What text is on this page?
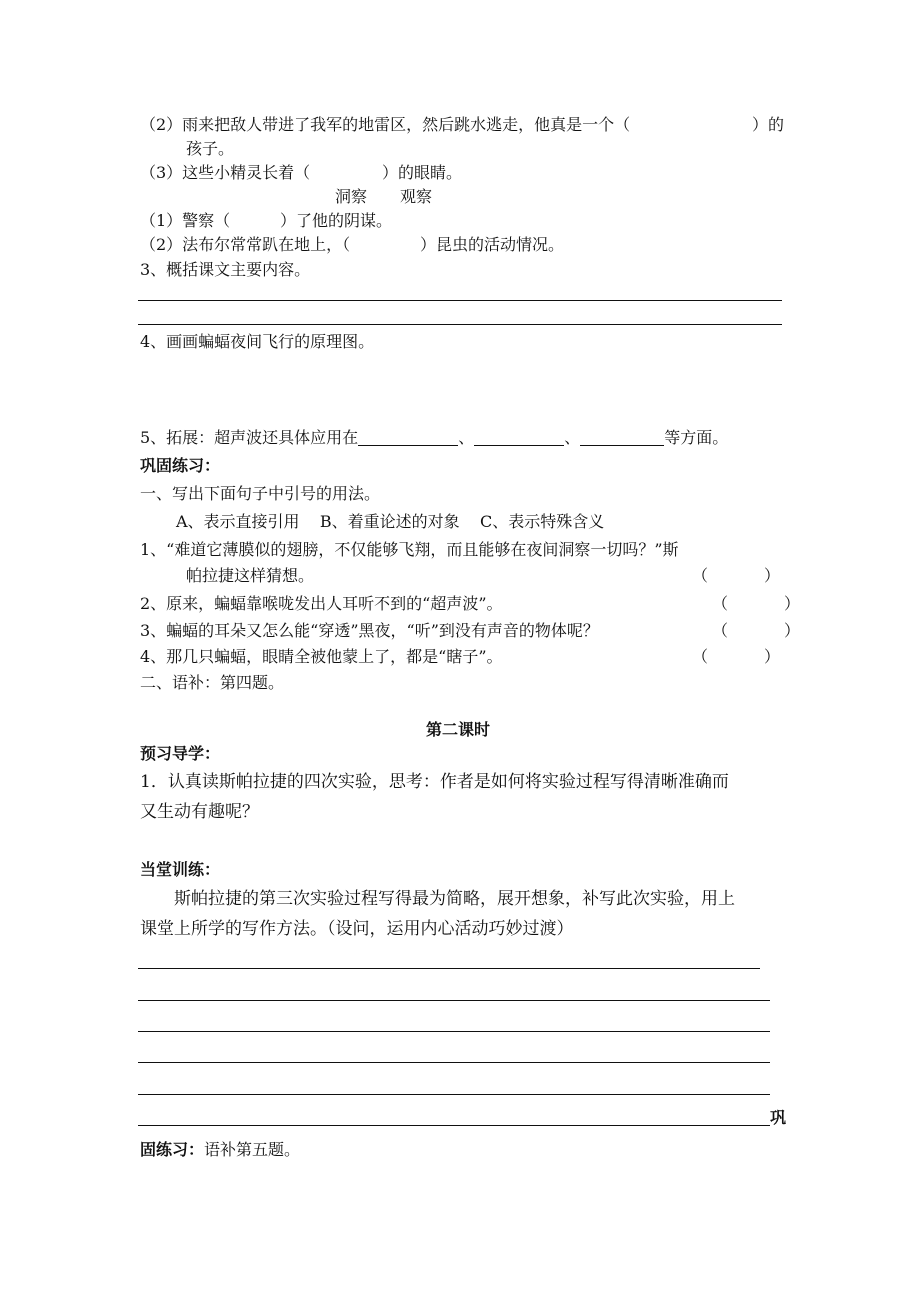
（2）雨来把敌人带进了我军的地雷区，然后跳水逃走，他真是一个（	）的
孩子。
（3）这些小精灵长着（	）的眼睛。
洞察 观察
（1）警察（	）了他的阴谋。
（2）法布尔常常趴在地上，（	）昆虫的活动情况。
3、概括课文主要内容。
4、画画蝙蝠夜间飞行的原理图。
5、拓展：超声波还具体应用在	、	、	等方面。
巩固练习：
一、写出下面句子中引号的用法。
A、表示直接引用    B、着重论述的对象    C、表示特殊含义
1、“难道它薄膜似的翅膀，不仅能够飞翔，而且能够在夜间洞察一切吗？”斯
帕拉捷这样猜想。	（	）
2、原来，蝙蝠靠喉咙发出人耳听不到的“超声波”。	（	）
3、蝙蝠的耳朵又怎么能“穿透”黑夜，“听”到没有声音的物体呢？	（	）
4、那几只蝙蝠，眼睛全被他蒙上了，都是“瞎子”。	（	）
二、语补：第四题。
第二课时
预习导学：
1．认真读斯帕拉捷的四次实验，思考：作者是如何将实验过程写得清晰准确而
又生动有趣呢？
当堂训练：
斯帕拉捷的第三次实验过程写得最为简略，展开想象，补写此次实验，用上
课堂上所学的写作方法。（设问，运用内心活动巧妙过渡）
巩
固练习：语补第五题。
